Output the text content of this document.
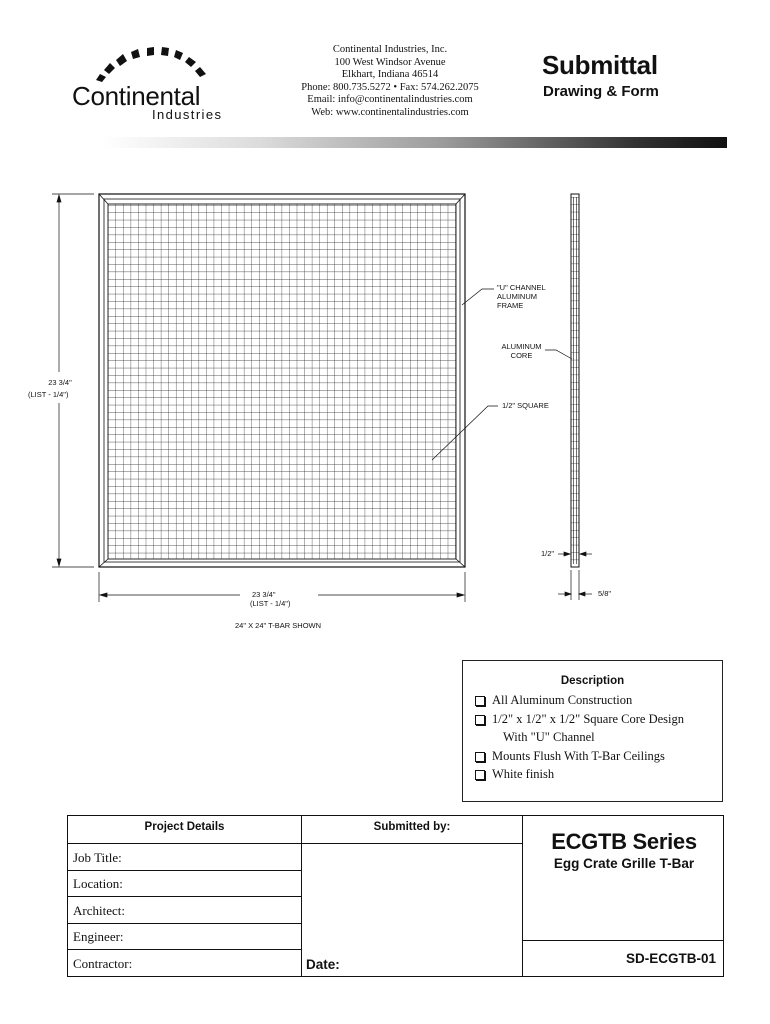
Continental
Industries
Continental Industries, Inc.
100 West Windsor Avenue
Elkhart, Indiana 46514
Phone: 800.735.5272 • Fax: 574.262.2075
Email: info@continentalindustries.com
Web: www.continentalindustries.com
Submittal
Drawing & Form
23 3/4"
(LIST - 1/4")
23 3/4"
(LIST - 1/4")
24" X 24" T-BAR SHOWN
"U" CHANNEL
ALUMINUM
FRAME
ALUMINUM
CORE
1/2" SQUARE
1/2"
5/8"
Description
All Aluminum Construction
1/2" x 1/2" x 1/2" Square Core Design
With "U" Channel
Mounts Flush With T-Bar Ceilings
White finish
Project Details	Submitted by:
Job Title:
Location:
Architect:
Engineer:
Contractor:	Date:
ECGTB Series
Egg Crate Grille T-Bar
SD-ECGTB-01
